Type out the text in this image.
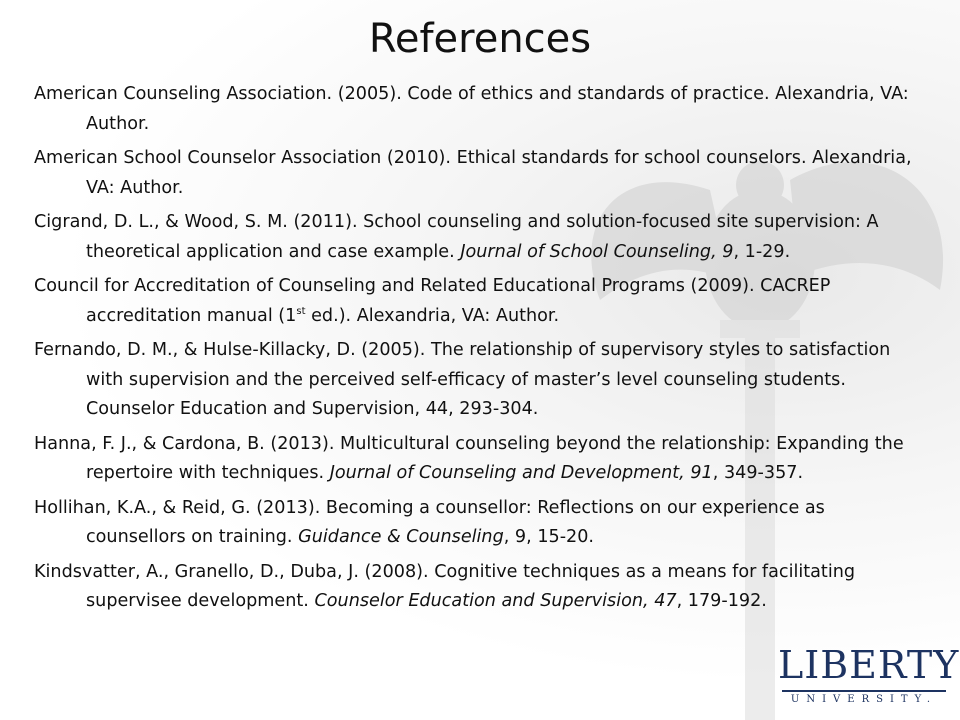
References

American Counseling Association. (2005). Code of ethics and standards of practice. Alexandria, VA: Author.

American School Counselor Association (2010). Ethical standards for school counselors. Alexandria, VA: Author.

Cigrand, D. L., & Wood, S. M. (2011). School counseling and solution-focused site supervision: A theoretical application and case example. Journal of School Counseling, 9, 1-29.

Council for Accreditation of Counseling and Related Educational Programs (2009). CACREP accreditation manual (1st ed.). Alexandria, VA: Author.

Fernando, D. M., & Hulse-Killacky, D. (2005). The relationship of supervisory styles to satisfaction with supervision and the perceived self-efficacy of master’s level counseling students. Counselor Education and Supervision, 44, 293-304.

Hanna, F. J., & Cardona, B. (2013). Multicultural counseling beyond the relationship: Expanding the repertoire with techniques. Journal of Counseling and Development, 91, 349-357.

Hollihan, K.A., & Reid, G. (2013). Becoming a counsellor: Reflections on our experience as counsellors on training. Guidance & Counseling, 9, 15-20.

Kindsvatter, A., Granello, D., Duba, J. (2008). Cognitive techniques as a means for facilitating supervisee development. Counselor Education and Supervision, 47, 179-192.

LIBERTY
UNIVERSITY.
